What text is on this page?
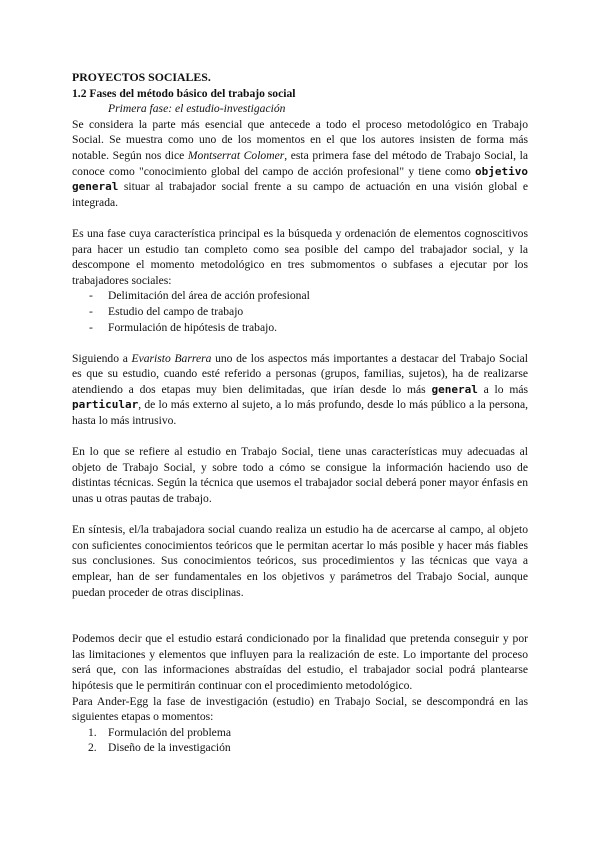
PROYECTOS SOCIALES.

1.2 Fases del método básico del trabajo social

Primera fase: el estudio-investigación

Se considera la parte más esencial que antecede a todo el proceso metodológico en Trabajo Social. Se muestra como uno de los momentos en el que los autores insisten de forma más notable. Según nos dice Montserrat Colomer, esta primera fase del método de Trabajo Social, la conoce como "conocimiento global del campo de acción profesional" y tiene como objetivo general situar al trabajador social frente a su campo de actuación en una visión global e integrada.

Es una fase cuya característica principal es la búsqueda y ordenación de elementos cognoscitivos para hacer un estudio tan completo como sea posible del campo del trabajador social, y la descompone el momento metodológico en tres submomentos o subfases a ejecutar por los trabajadores sociales:

- Delimitación del área de acción profesional
- Estudio del campo de trabajo
- Formulación de hipótesis de trabajo.

Siguiendo a Evaristo Barrera uno de los aspectos más importantes a destacar del Trabajo Social es que su estudio, cuando esté referido a personas (grupos, familias, sujetos), ha de realizarse atendiendo a dos etapas muy bien delimitadas, que irían desde lo más general a lo más particular, de lo más externo al sujeto, a lo más profundo, desde lo más público a la persona, hasta lo más intrusivo.

En lo que se refiere al estudio en Trabajo Social, tiene unas características muy adecuadas al objeto de Trabajo Social, y sobre todo a cómo se consigue la información haciendo uso de distintas técnicas. Según la técnica que usemos el trabajador social deberá poner mayor énfasis en unas u otras pautas de trabajo.

En síntesis, el/la trabajadora social cuando realiza un estudio ha de acercarse al campo, al objeto con suficientes conocimientos teóricos que le permitan acertar lo más posible y hacer más fiables sus conclusiones. Sus conocimientos teóricos, sus procedimientos y las técnicas que vaya a emplear, han de ser fundamentales en los objetivos y parámetros del Trabajo Social, aunque puedan proceder de otras disciplinas.

Podemos decir que el estudio estará condicionado por la finalidad que pretenda conseguir y por las limitaciones y elementos que influyen para la realización de este. Lo importante del proceso será que, con las informaciones abstraídas del estudio, el trabajador social podrá plantearse hipótesis que le permitirán continuar con el procedimiento metodológico.

Para Ander-Egg la fase de investigación (estudio) en Trabajo Social, se descompondrá en las siguientes etapas o momentos:

1. Formulación del problema
2. Diseño de la investigación
